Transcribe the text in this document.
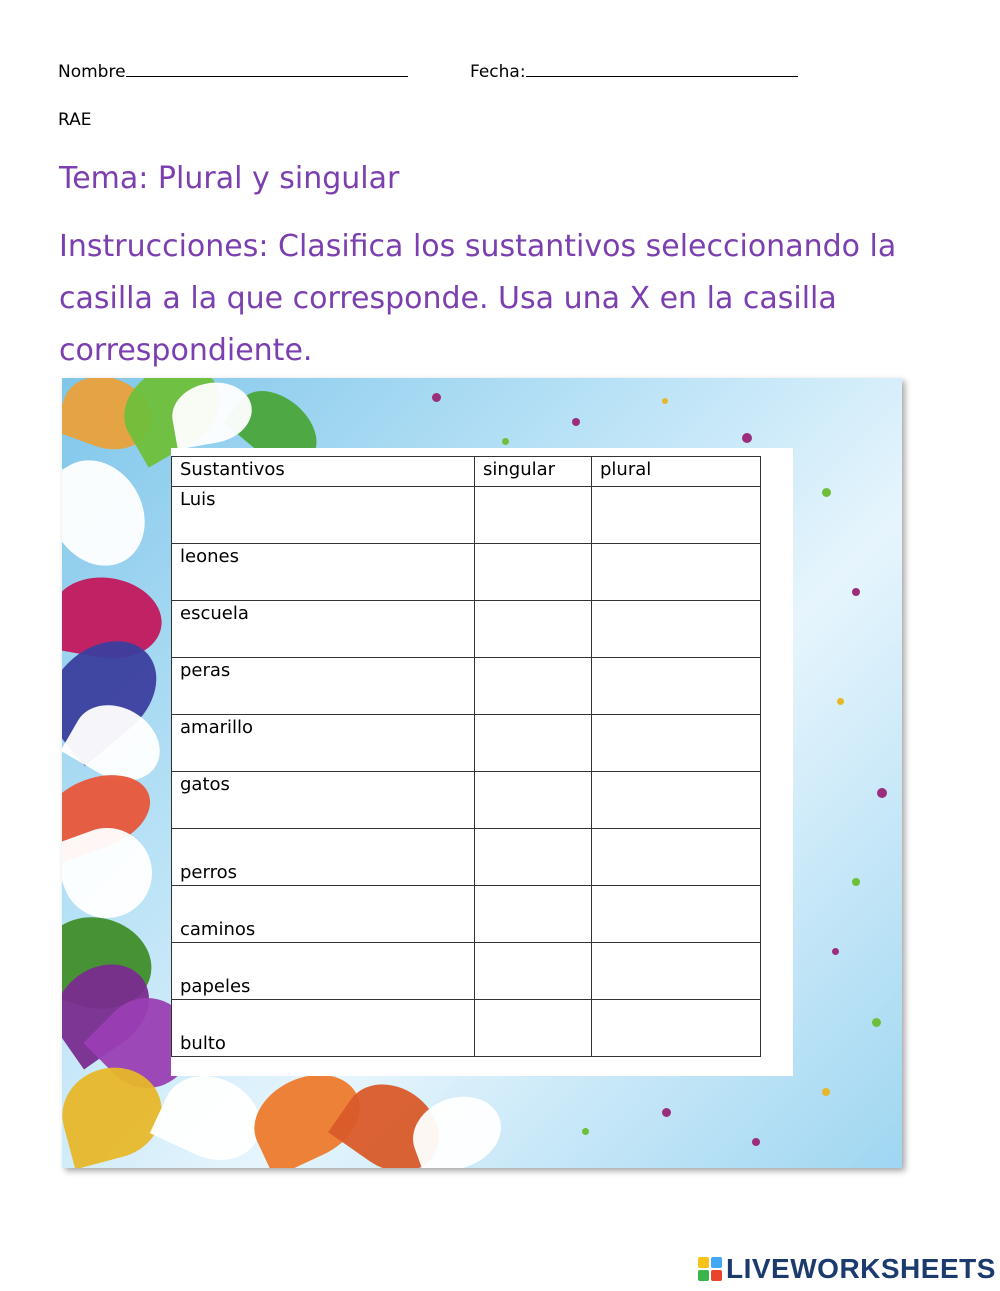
Nombre	Fecha:
RAE
Tema: Plural y singular
Instrucciones: Clasifica los sustantivos seleccionando la casilla a la que corresponde. Usa una X en la casilla correspondiente.
Sustantivos	singular	plural
Luis		
leones		
escuela		
peras		
amarillo		
gatos		
perros		
caminos		
papeles		
bulto		
LIVEWORKSHEETS
